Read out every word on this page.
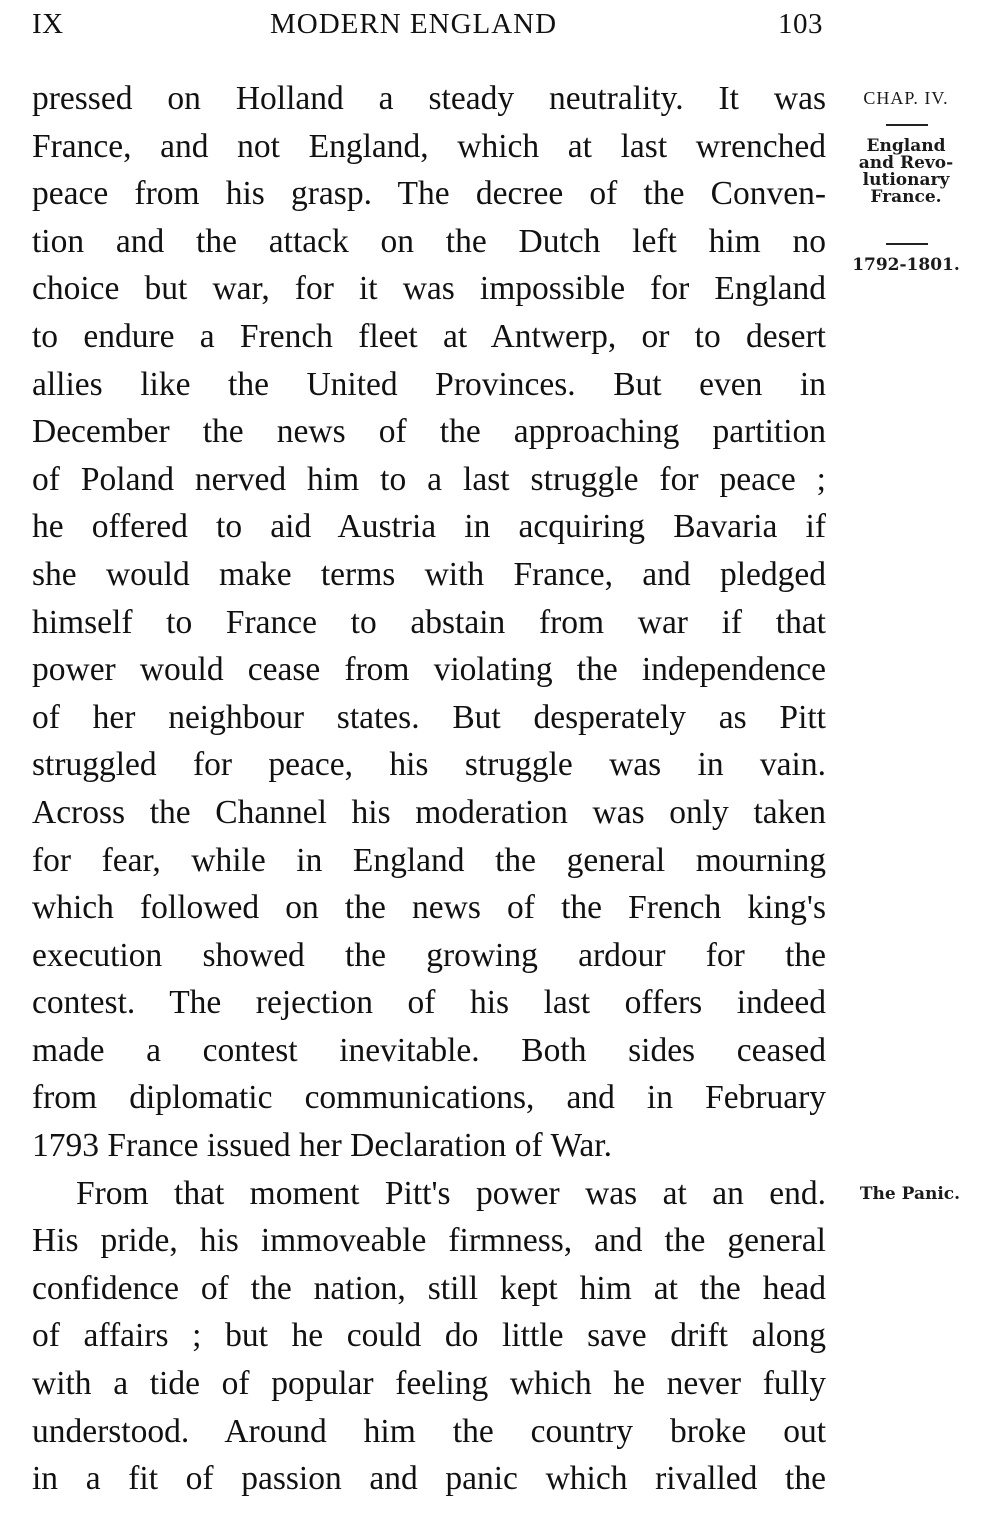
IX	MODERN ENGLAND	103
CHAP. IV.
England
and Revo-
lutionary
France.
1792-1801.
The Panic.
pressed on Holland a steady neutrality. It was
France, and not England, which at last wrenched
peace from his grasp. The decree of the Conven-
tion and the attack on the Dutch left him no
choice but war, for it was impossible for England
to endure a French fleet at Antwerp, or to desert
allies like the United Provinces. But even in
December the news of the approaching partition
of Poland nerved him to a last struggle for peace ;
he offered to aid Austria in acquiring Bavaria if
she would make terms with France, and pledged
himself to France to abstain from war if that
power would cease from violating the independence
of her neighbour states. But desperately as Pitt
struggled for peace, his struggle was in vain.
Across the Channel his moderation was only taken
for fear, while in England the general mourning
which followed on the news of the French king's
execution showed the growing ardour for the
contest. The rejection of his last offers indeed
made a contest inevitable. Both sides ceased
from diplomatic communications, and in February
1793 France issued her Declaration of War.
From that moment Pitt's power was at an end.
His pride, his immoveable firmness, and the general
confidence of the nation, still kept him at the head
of affairs ; but he could do little save drift along
with a tide of popular feeling which he never fully
understood. Around him the country broke out
in a fit of passion and panic which rivalled the
